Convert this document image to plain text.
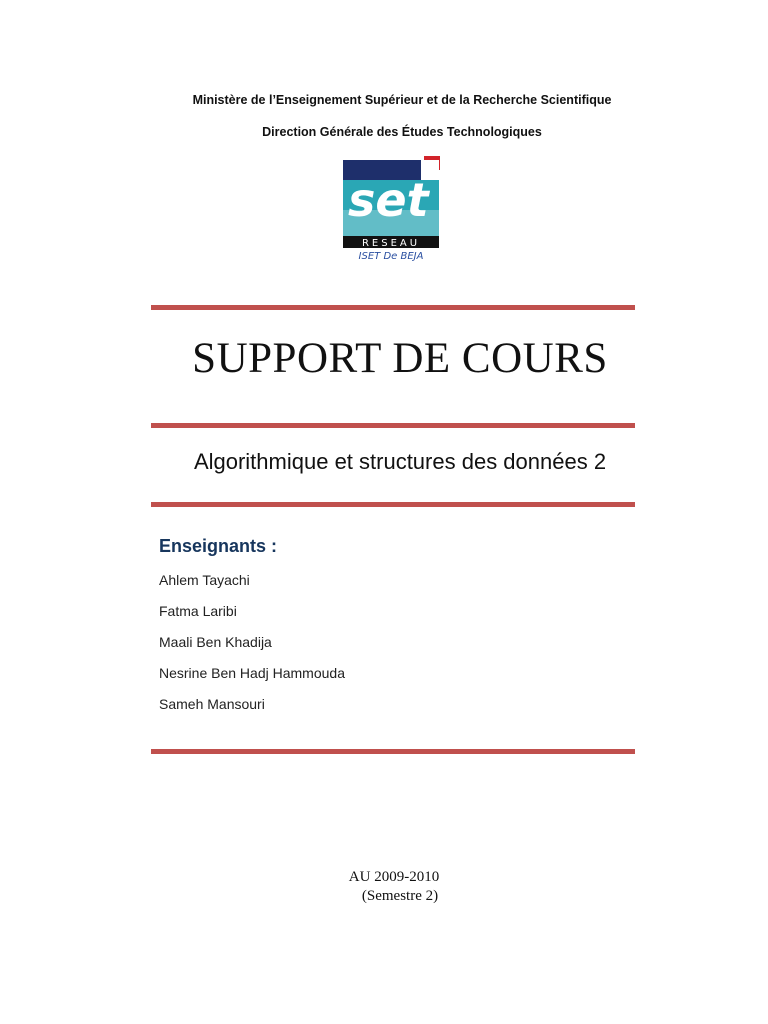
Ministère de l’Enseignement Supérieur et de la Recherche Scientifique
Direction Générale des Études Technologiques
set
RESEAU
ISET De BEJA
SUPPORT DE COURS
Algorithmique et structures des données 2
Enseignants :
Ahlem Tayachi
Fatma Laribi
Maali Ben Khadija
Nesrine Ben Hadj Hammouda
Sameh Mansouri
AU 2009-2010
(Semestre 2)
